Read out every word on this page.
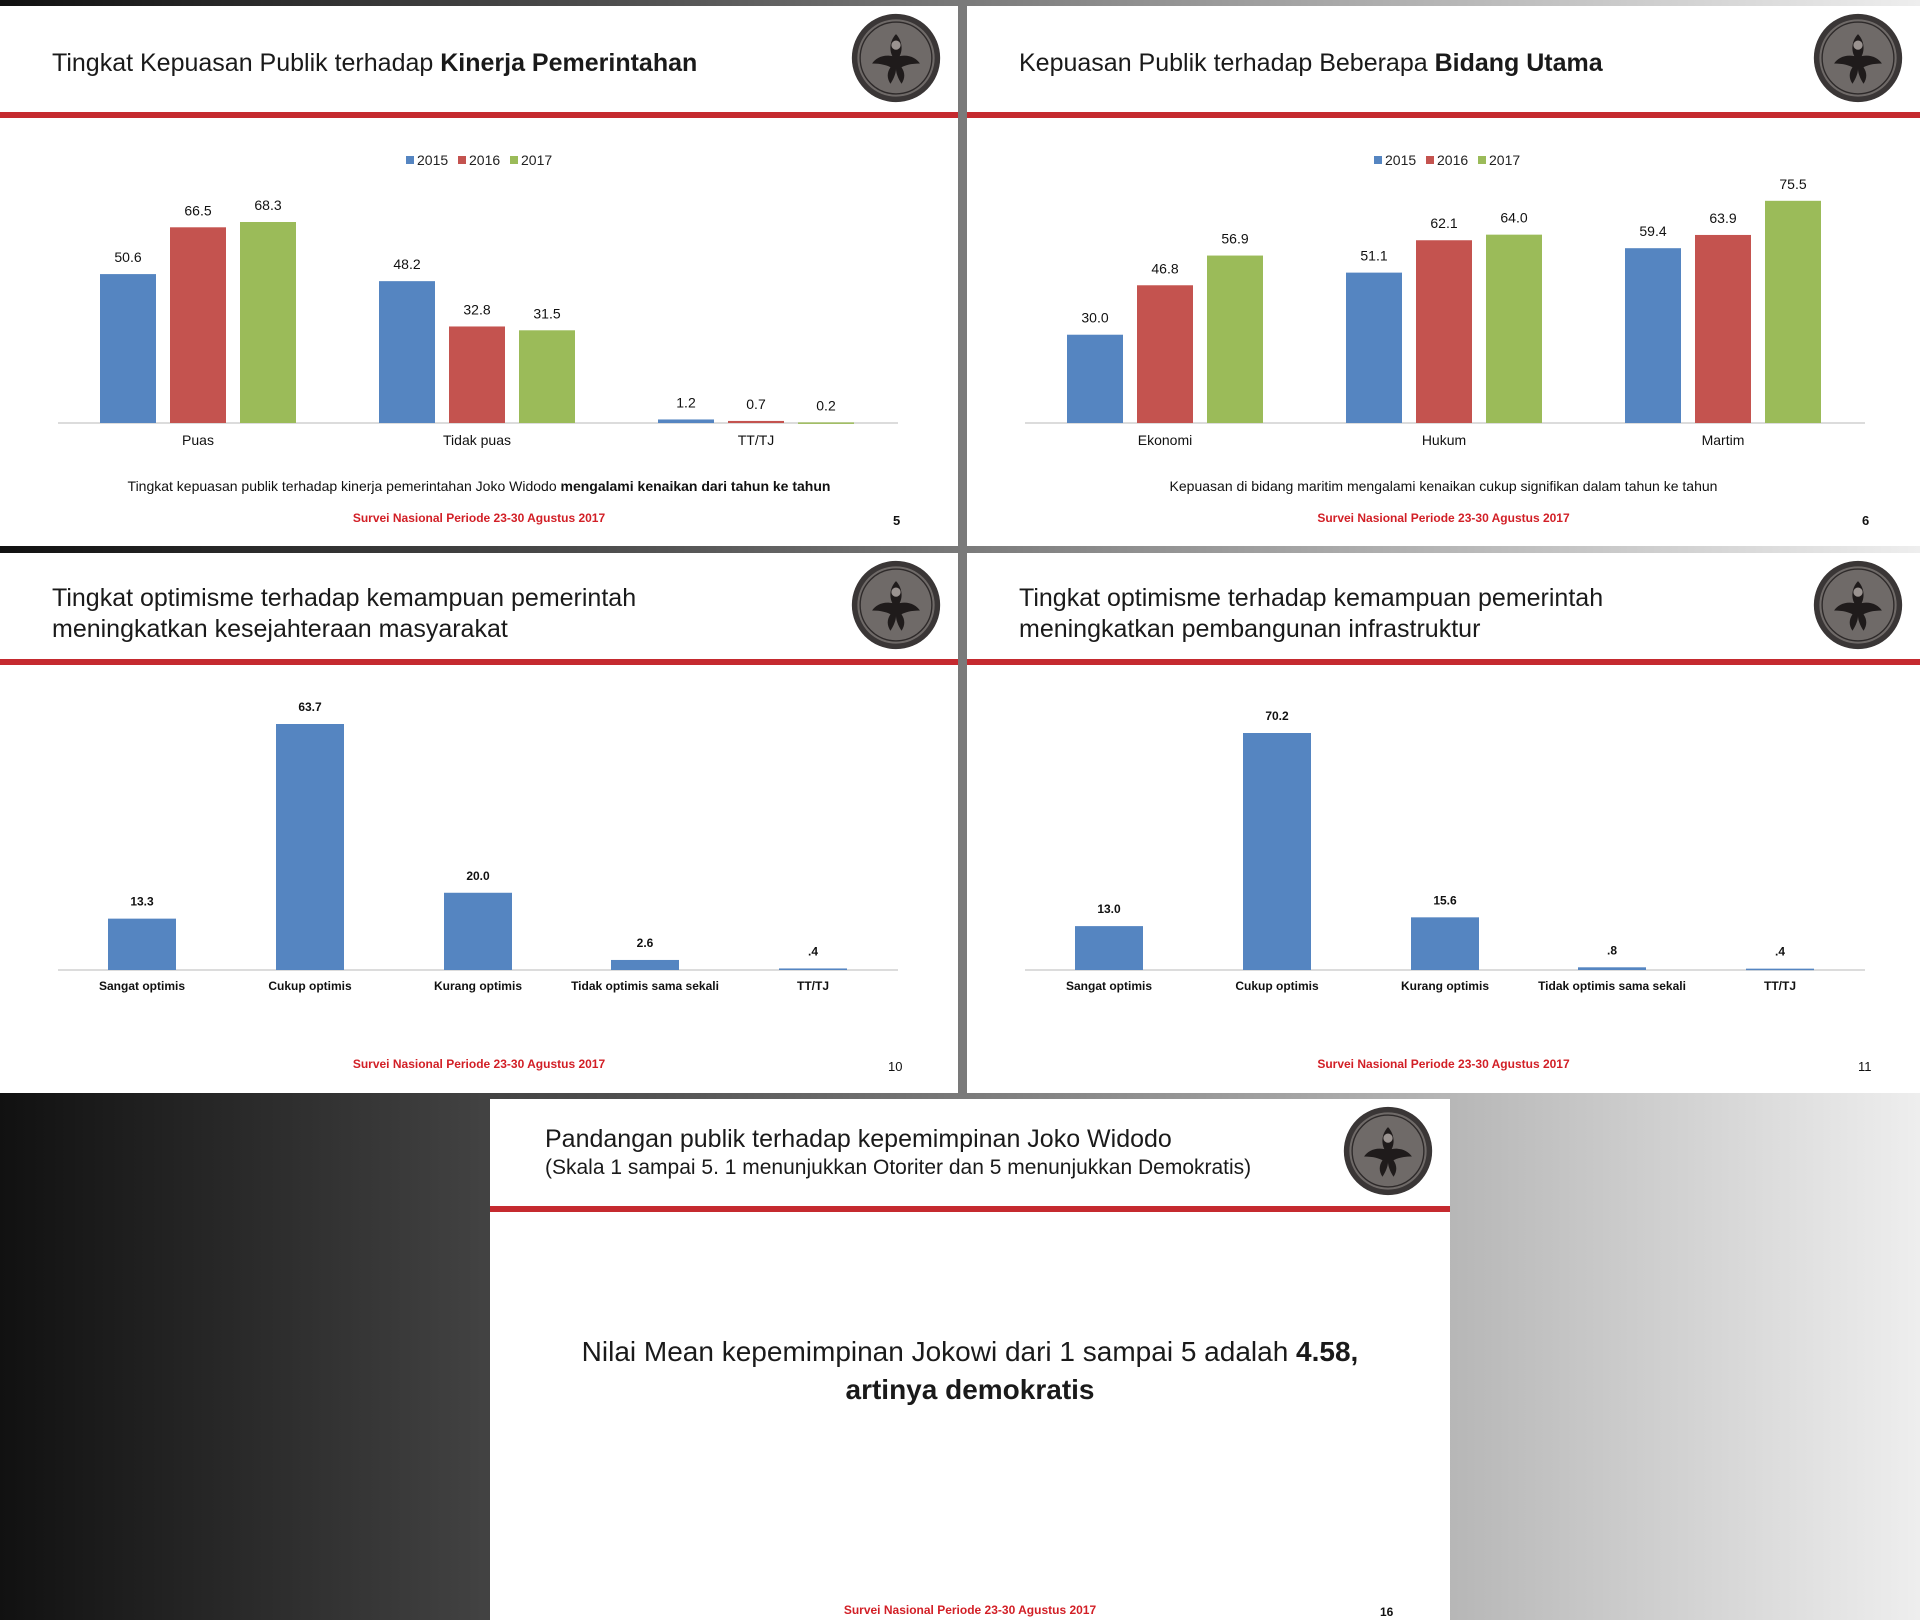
Tingkat Kepuasan Publik terhadap Kinerja Pemerintahan
2015 2016 2017
50.6
66.5	68.3
Puas
48.2
32.8	31.5
Tidak puas
1.2	0.7	0.2
TT/TJ
Tingkat kepuasan publik terhadap kinerja pemerintahan Joko Widodo mengalami kenaikan dari tahun ke tahun
Survei Nasional Periode 23-30 Agustus 2017	5
Kepuasan Publik terhadap Beberapa Bidang Utama
2015 2016 2017
30.0
46.8
56.9
Ekonomi
51.1
62.1	64.0
Hukum
59.4
63.9
75.5
Martim
Kepuasan di bidang maritim mengalami kenaikan cukup signifikan dalam tahun ke tahun
Survei Nasional Periode 23-30 Agustus 2017	6
Tingkat optimisme terhadap kemampuan pemerintah
meningkatkan kesejahteraan masyarakat
13.3
Sangat optimis
63.7
Cukup optimis
20.0
Kurang optimis
2.6
Tidak optimis sama sekali
.4
TT/TJ
Survei Nasional Periode 23-30 Agustus 2017	10
Tingkat optimisme terhadap kemampuan pemerintah
meningkatkan pembangunan infrastruktur
13.0
Sangat optimis
70.2
Cukup optimis
15.6
Kurang optimis
.8
Tidak optimis sama sekali
.4
TT/TJ
Survei Nasional Periode 23-30 Agustus 2017	11
Pandangan publik terhadap kepemimpinan Joko Widodo
(Skala 1 sampai 5. 1 menunjukkan Otoriter dan 5 menunjukkan Demokratis)
Nilai Mean kepemimpinan Jokowi dari 1 sampai 5 adalah 4.58,
artinya demokratis
Survei Nasional Periode 23-30 Agustus 2017	16
